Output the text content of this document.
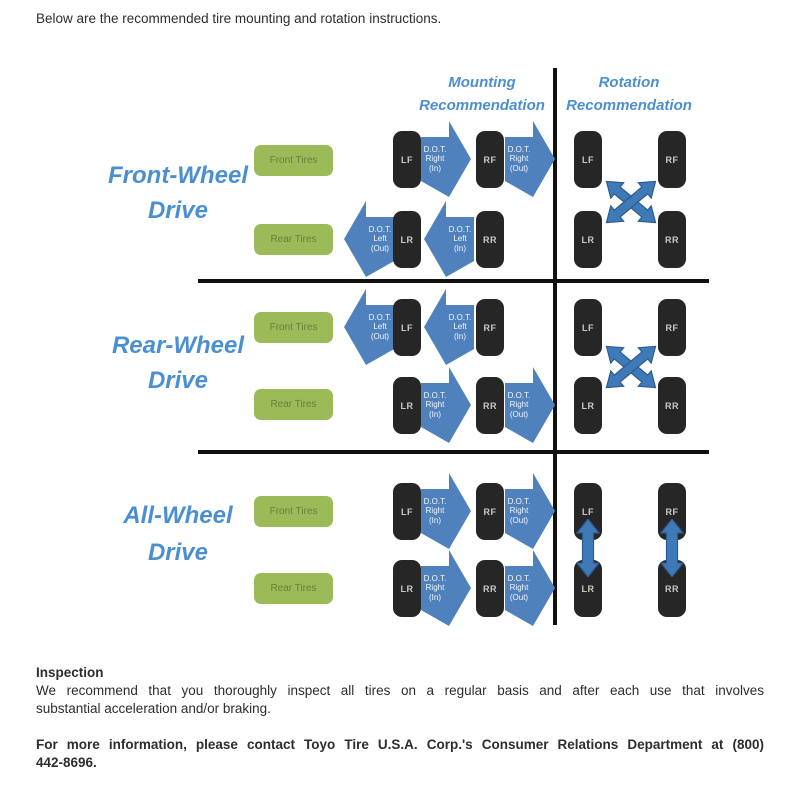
Below are the recommended tire mounting and rotation instructions.
Mounting
Recommendation
Rotation
Recommendation
Front-Wheel
Drive
Front Tires
Rear Tires
LF
D.O.T.
Right
(In)
RF
D.O.T.
Right
(Out)
D.O.T.
Left
(Out)
LR
D.O.T.
Left
(In)
RR
LF	RF
LR	RR
Rear-Wheel
Drive
Front Tires
Rear Tires
D.O.T.
Left
(Out)
LF
D.O.T.
Left
(In)
RF
LR
D.O.T.
Right
(In)
RR
D.O.T.
Right
(Out)
LF	RF
LR	RR
All-Wheel
Drive
Front Tires
Rear Tires
LF
D.O.T.
Right
(In)
RF
D.O.T.
Right
(Out)
LR
D.O.T.
Right
(In)
RR
D.O.T.
Right
(Out)
LF	RF
LR	RR
Inspection
We recommend that you thoroughly inspect all tires on a regular basis and after each use that involves
substantial acceleration and/or braking.
For more information, please contact Toyo Tire U.S.A. Corp.'s Consumer Relations Department at (800)
442-8696.
